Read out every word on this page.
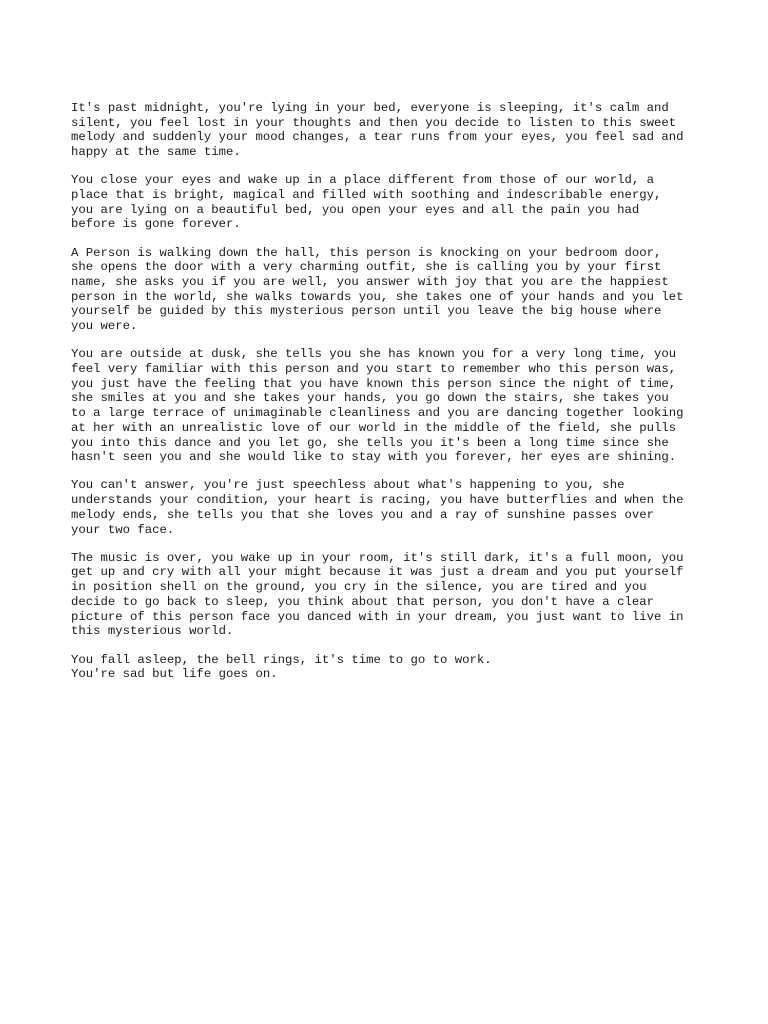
It's past midnight, you're lying in your bed, everyone is sleeping, it's calm and
silent, you feel lost in your thoughts and then you decide to listen to this sweet
melody and suddenly your mood changes, a tear runs from your eyes, you feel sad and
happy at the same time.

You close your eyes and wake up in a place different from those of our world, a
place that is bright, magical and filled with soothing and indescribable energy,
you are lying on a beautiful bed, you open your eyes and all the pain you had
before is gone forever.

A Person is walking down the hall, this person is knocking on your bedroom door,
she opens the door with a very charming outfit, she is calling you by your first
name, she asks you if you are well, you answer with joy that you are the happiest
person in the world, she walks towards you, she takes one of your hands and you let
yourself be guided by this mysterious person until you leave the big house where
you were.

You are outside at dusk, she tells you she has known you for a very long time, you
feel very familiar with this person and you start to remember who this person was,
you just have the feeling that you have known this person since the night of time,
she smiles at you and she takes your hands, you go down the stairs, she takes you
to a large terrace of unimaginable cleanliness and you are dancing together looking
at her with an unrealistic love of our world in the middle of the field, she pulls
you into this dance and you let go, she tells you it's been a long time since she
hasn't seen you and she would like to stay with you forever, her eyes are shining.

You can't answer, you're just speechless about what's happening to you, she
understands your condition, your heart is racing, you have butterflies and when the
melody ends, she tells you that she loves you and a ray of sunshine passes over
your two face.

The music is over, you wake up in your room, it's still dark, it's a full moon, you
get up and cry with all your might because it was just a dream and you put yourself
in position shell on the ground, you cry in the silence, you are tired and you
decide to go back to sleep, you think about that person, you don't have a clear
picture of this person face you danced with in your dream, you just want to live in
this mysterious world.

You fall asleep, the bell rings, it's time to go to work.
You're sad but life goes on.
